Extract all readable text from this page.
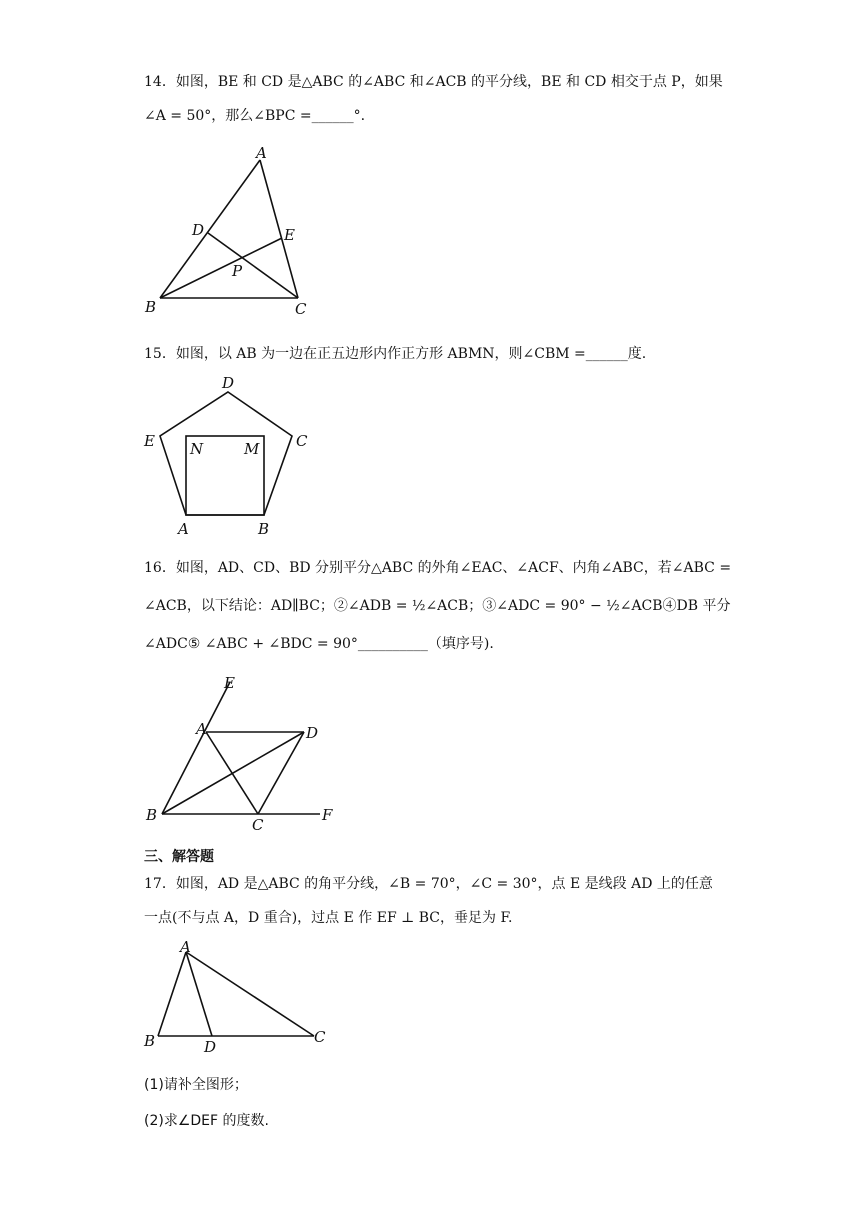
14．如图，BE 和 CD 是△ABC 的∠ABC 和∠ACB 的平分线，BE 和 CD 相交于点 P，如果
∠A = 50°，那么∠BPC =______°.
A
B	C
D	E
P
15．如图，以 AB 为一边在正五边形内作正方形 ABMN，则∠CBM =______度.
D
E	C
N	M
A	B
16．如图，AD、CD、BD 分别平分△ABC 的外角∠EAC、∠ACF、内角∠ABC，若∠ABC =
∠ACB，以下结论：AD∥BC；②∠ADB = ½∠ACB；③∠ADC = 90° − ½∠ACB④DB 平分
∠ADC⑤ ∠ABC + ∠BDC = 90°__________（填序号).
E
A	D
B
C
F
三、解答题
17．如图，AD 是△ABC 的角平分线，∠B = 70°，∠C = 30°，点 E 是线段 AD 上的任意
一点(不与点 A，D 重合)，过点 E 作 EF ⊥ BC，垂足为 F.
A
B	D
C
(1)请补全图形；
(2)求∠DEF 的度数.
